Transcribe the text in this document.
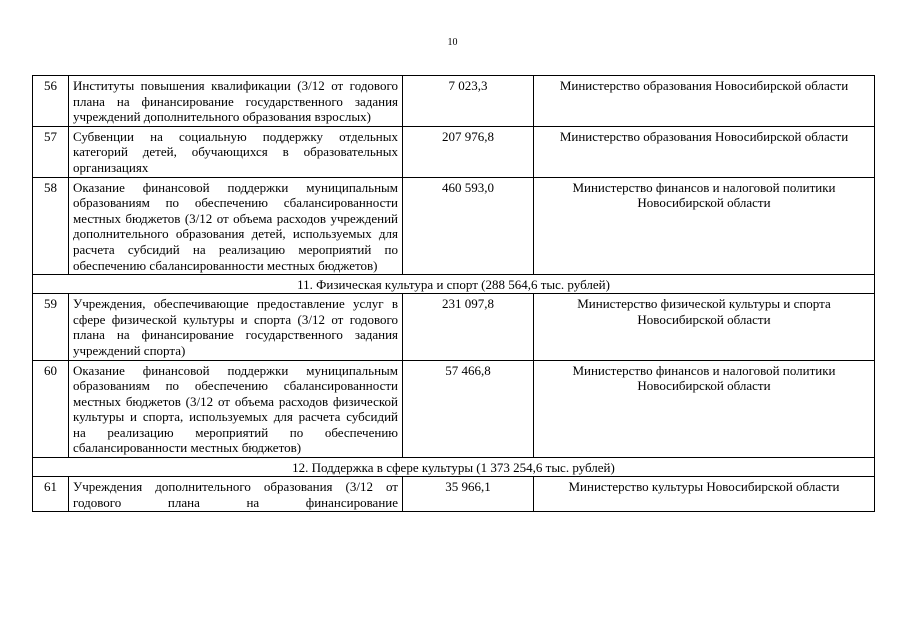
10
56	Институты повышения квалификации (3/12 от годового плана на финансирование государственного задания учреждений дополнительного образования взрослых)	7 023,3	Министерство образования Новосибирской области
57	Субвенции на социальную поддержку отдельных категорий детей, обучающихся в образовательных организациях	207 976,8	Министерство образования Новосибирской области
58	Оказание финансовой поддержки муниципальным образованиям по обеспечению сбалансированности местных бюджетов (3/12 от объема расходов учреждений дополнительного образования детей, используемых для расчета субсидий на реализацию мероприятий по обеспечению сбалансированности местных бюджетов)	460 593,0	Министерство финансов и налоговой политики Новосибирской области
11. Физическая культура и спорт (288 564,6 тыс. рублей)			
59	Учреждения, обеспечивающие предоставление услуг в сфере физической культуры и спорта (3/12 от годового плана на финансирование государственного задания учреждений спорта)	231 097,8	Министерство физической культуры и спорта Новосибирской области
60	Оказание финансовой поддержки муниципальным образованиям по обеспечению сбалансированности местных бюджетов (3/12 от объема расходов физической культуры и спорта, используемых для расчета субсидий на реализацию мероприятий по обеспечению сбалансированности местных бюджетов)	57 466,8	Министерство финансов и налоговой политики Новосибирской области
12. Поддержка в сфере культуры (1 373 254,6 тыс. рублей)			
61	Учреждения дополнительного образования (3/12 от годового плана на финансирование	35 966,1	Министерство культуры Новосибирской области
